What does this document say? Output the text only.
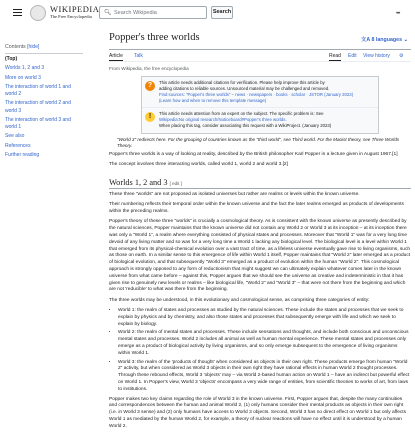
WIKIPEDIA
The Free Encyclopedia	🔍︎ Search Wikipedia	Search	•••
Contents [hide]
(Top)
Worlds 1, 2 and 3
More on world 3
The interaction of world 1 and world 2
The interaction of world 2 and world 3
The interaction of world 3 and world 1
See also
References
Further reading
Popper's three worlds	文A 8 languages ⌄
Article Talk	Read Edit View history ⚙︎
From Wikipedia, the free encyclopedia
?	This article needs additional citations for verification. Please help improve this article by
adding citations to reliable sources. Unsourced material may be challenged and removed.
Find sources: "Popper's three worlds" – news · newspapers · books · scholar · JSTOR (January 2023)
(Learn how and when to remove this template message)
!	This article needs attention from an expert on the subject. The specific problem is: See
Wikipedia:No original research/Noticeboard#Popper's three worlds.
When placing this tag, consider associating this request with a WikiProject. (January 2023)
"World 3" redirects here. For the grouping of countries known as the "third world", see Third world. For the Maoist theory, see Three Worlds Theory.

Popper's three worlds is a way of looking at reality, described by the British philosopher Karl Popper in a lecture given in August 1967.[1]

The concept involves three interacting worlds, called world 1, world 2 and world 3.[2]

Worlds 1, 2 and 3 [ edit ]

These three "worlds" are not proposed as isolated universes but rather are realms or levels within the known universe.

Their numbering reflects their temporal order within the known universe and the fact the later realms emerged as products of developments within the preceding realms.

Popper's theory of these three "worlds" is crucially a cosmological theory. As is consistent with the known universe as presently described by the natural sciences, Popper maintains that the known universe did not contain any World 2 or World 3 at its inception – at its inception there was only a "World 1", a realm where everything consisted of physical states and processes. Moreover that "World 1" was for a very long time devoid of any living matter and so was for a very long time a World 1 lacking any biological level. The biological level is a level within World 1 that emerged from its physical-chemical evolution over a vast tract of time, as a lifeless universe eventually gave rise to living organisms, such as those on earth. In a similar sense to this emergence of life within World 1 itself, Popper maintains that "World 2" later emerged as a product of biological evolution, and that subsequently "World 3" emerged as a product of evolution within the human "World 2". This cosmological approach is strongly opposed to any form of reductionism that might suggest we can ultimately explain whatever comes later in the known universe from what came before – against this, Popper argues that we should see the universe as creative and indeterministic in that it has given rise to genuinely new levels or realms – like biological life, "World 2" and "World 3" – that were not there from the beginning and which are not 'reducible' to what was there from the beginning.

The three worlds may be understood, in this evolutionary and cosmological sense, as comprising three categories of entity:

• World 1: the realm of states and processes as studied by the natural sciences. These include the states and processes that we seek to explain by physics and by chemistry, and also those states and processes that subsequently emerge with life and which we seek to explain by biology.
• World 2: the realm of mental states and processes. These include sensations and thoughts, and include both conscious and unconscious mental states and processes. World 2 includes all animal as well as human mental experience. These mental states and processes only emerge as a product of biological activity by living organisms, and so only emerge subsequent to the emergence of living organisms within World 1.
• World 3: the realm of the 'products of thought' when considered as objects in their own right. These products emerge from human "World 2" activity, but when considered as World 3 objects in their own right they have rational effects in human World 2 thought processes. Through these rebound effects, World 3 'objects' may – via World 2-based human action on World 1 – have an indirect but powerful effect on World 1. In Popper's view, World 3 'objects' encompass a very wide range of entities, from scientific theories to works of art, from laws to institutions.

Popper makes two key claims regarding the role of World 3 in the known universe. First, Popper argues that, despite the many continuities and correspondences between the human and animal World 2, (1) only humans consider their mental products as objects in their own right (i.e. in World 3 sense) and (2) only humans have access to World 3 objects. Second, World 3 has no direct effect on World 1 but only affects World 1 as mediated by the human World 2, for example, a theory of nuclear reactions will have no effect until it is understood by a human World 2.
